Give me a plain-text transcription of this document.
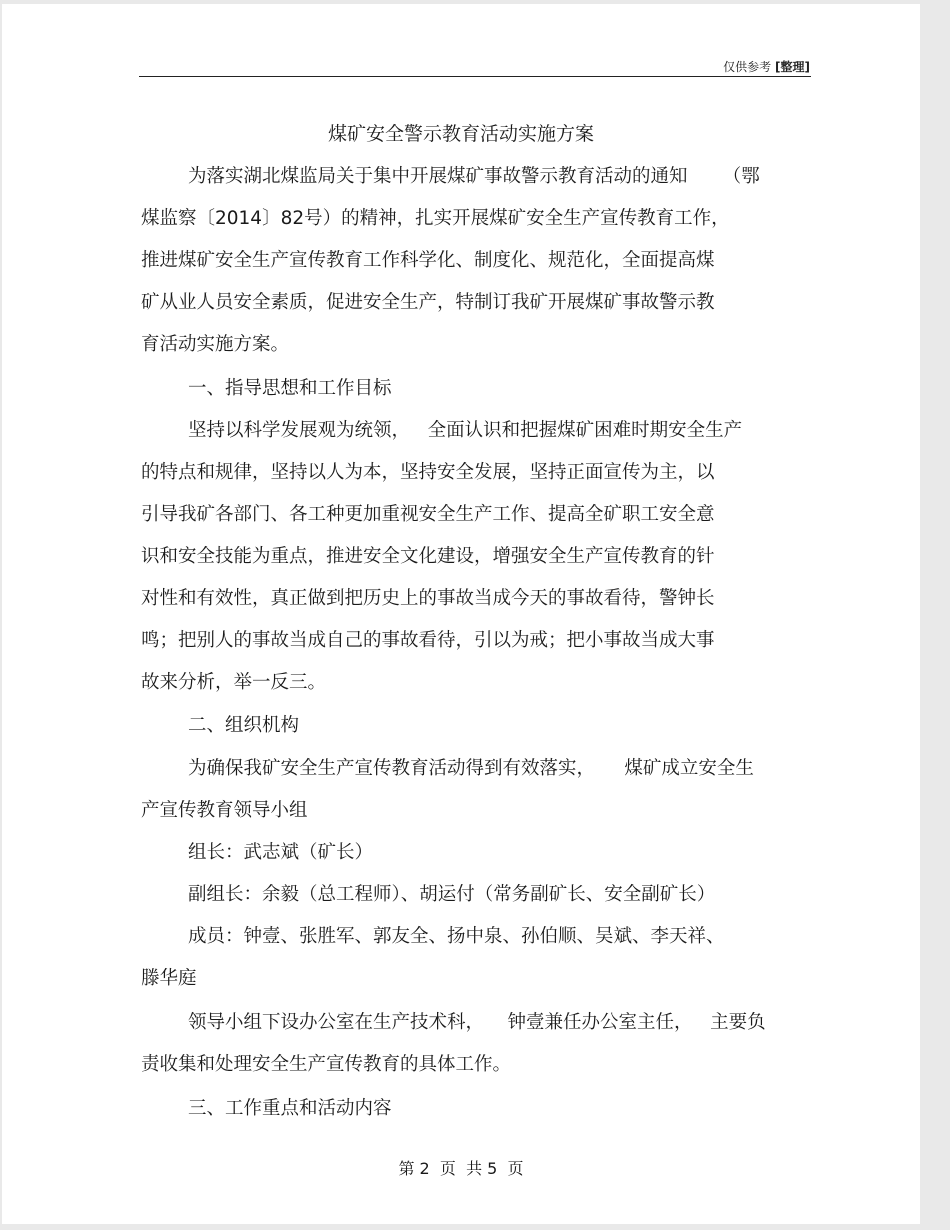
仅供参考 [整理]
煤矿安全警示教育活动实施方案
为落实湖北煤监局关于集中开展煤矿事故警示教育活动的通知      （鄂
煤监察〔2014〕82号）的精神，扎实开展煤矿安全生产宣传教育工作，
推进煤矿安全生产宣传教育工作科学化、制度化、规范化，全面提高煤
矿从业人员安全素质，促进安全生产，特制订我矿开展煤矿事故警示教
育活动实施方案。
一、指导思想和工作目标
坚持以科学发展观为统领，   全面认识和把握煤矿困难时期安全生产
的特点和规律，坚持以人为本，坚持安全发展，坚持正面宣传为主，以
引导我矿各部门、各工种更加重视安全生产工作、提高全矿职工安全意
识和安全技能为重点，推进安全文化建设，增强安全生产宣传教育的针
对性和有效性，真正做到把历史上的事故当成今天的事故看待，警钟长
鸣；把别人的事故当成自己的事故看待，引以为戒；把小事故当成大事
故来分析，举一反三。
二、组织机构
为确保我矿安全生产宣传教育活动得到有效落实，     煤矿成立安全生
产宣传教育领导小组
组长：武志斌（矿长）
副组长：余毅（总工程师）、胡运付（常务副矿长、安全副矿长）
成员：钟壹、张胜军、郭友全、扬中泉、孙伯顺、吴斌、李天祥、
滕华庭
领导小组下设办公室在生产技术科，    钟壹兼任办公室主任，   主要负
责收集和处理安全生产宣传教育的具体工作。
三、工作重点和活动内容
第 2  页  共 5  页
